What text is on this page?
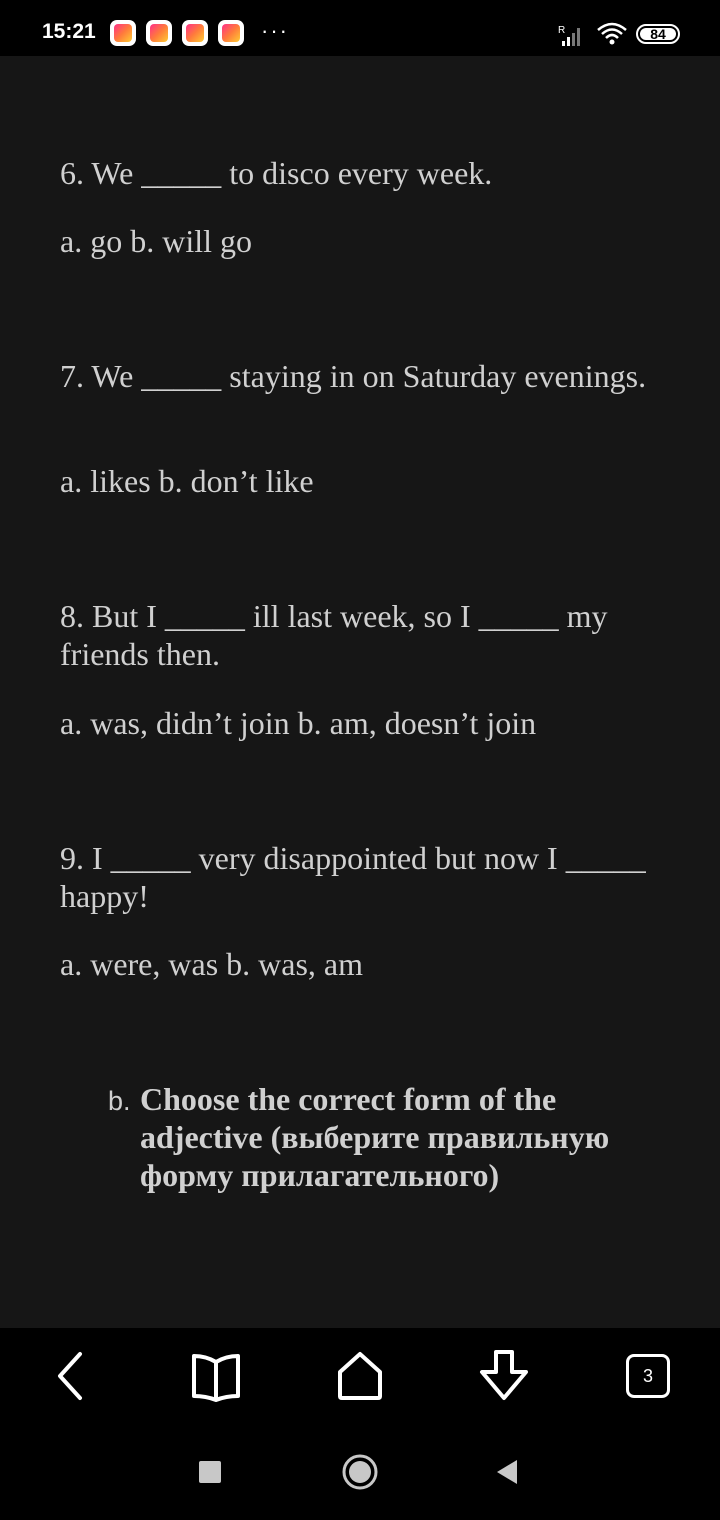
15:21	···	R	84
6. We _____ to disco every week.
a. go b. will go
7. We _____ staying in on Saturday evenings.
a. likes b. don’t like
8. But I _____ ill last week, so I _____ my friends then.
a. was, didn’t join b. am, doesn’t join
9. I _____ very disappointed but now I _____ happy!
a. were, was b. was, am
b. Choose the correct form of the adjective (выберите правильную форму прилагательного)
3
